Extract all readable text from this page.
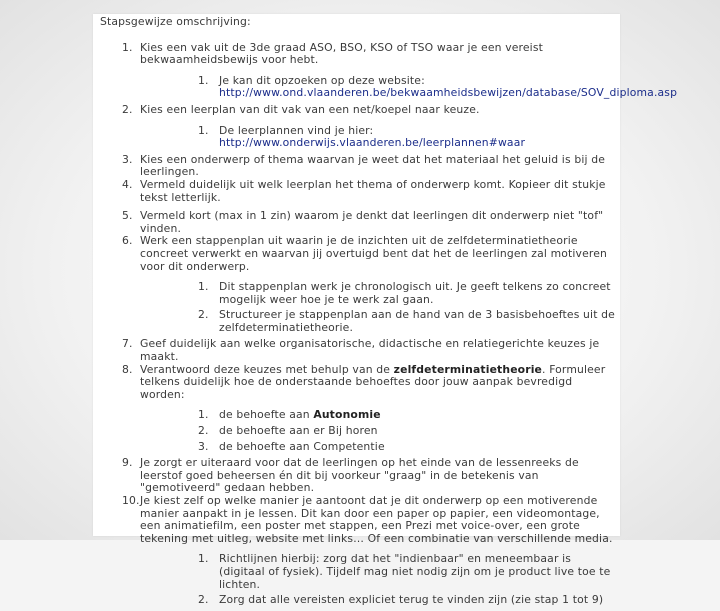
Stapsgewijze omschrijving:
1. Kies een vak uit de 3de graad ASO, BSO, KSO of TSO waar je een vereist bekwaamheidsbewijs voor hebt.
1. Je kan dit opzoeken op deze website: http://www.ond.vlaanderen.be/bekwaamheidsbewijzen/database/SOV_diploma.asp
2. Kies een leerplan van dit vak van een net/koepel naar keuze.
1. De leerplannen vind je hier: http://www.onderwijs.vlaanderen.be/leerplannen#waar
3. Kies een onderwerp of thema waarvan je weet dat het materiaal het geluid is bij de leerlingen.
4. Vermeld duidelijk uit welk leerplan het thema of onderwerp komt. Kopieer dit stukje tekst letterlijk.
5. Vermeld kort (max in 1 zin) waarom je denkt dat leerlingen dit onderwerp niet "tof" vinden.
6. Werk een stappenplan uit waarin je de inzichten uit de zelfdeterminatietheorie concreet verwerkt en waarvan jij overtuigd bent dat het de leerlingen zal motiveren voor dit onderwerp.
1. Dit stappenplan werk je chronologisch uit. Je geeft telkens zo concreet mogelijk weer hoe je te werk zal gaan.
2. Structureer je stappenplan aan de hand van de 3 basisbehoeftes uit de zelfdeterminatietheorie.
7. Geef duidelijk aan welke organisatorische, didactische en relatiegerichte keuzes je maakt.
8. Verantwoord deze keuzes met behulp van de zelfdeterminatietheorie. Formuleer telkens duidelijk hoe de onderstaande behoeftes door jouw aanpak bevredigd worden:
1. de behoefte aan Autonomie
2. de behoefte aan er Bij horen
3. de behoefte aan Competentie
9. Je zorgt er uiteraard voor dat de leerlingen op het einde van de lessenreeks de leerstof goed beheersen én dit bij voorkeur "graag" in de betekenis van "gemotiveerd" gedaan hebben.
10. Je kiest zelf op welke manier je aantoont dat je dit onderwerp op een motiverende manier aanpakt in je lessen. Dit kan door een paper op papier, een videomontage, een animatiefilm, een poster met stappen, een Prezi met voice-over, een grote tekening met uitleg, website met links… Of een combinatie van verschillende media.
1. Richtlijnen hierbij: zorg dat het "indienbaar" en meneembaar is (digitaal of fysiek). Tijdelf mag niet nodig zijn om je product live toe te lichten.
2. Zorg dat alle vereisten expliciet terug te vinden zijn (zie stap 1 tot 9)
